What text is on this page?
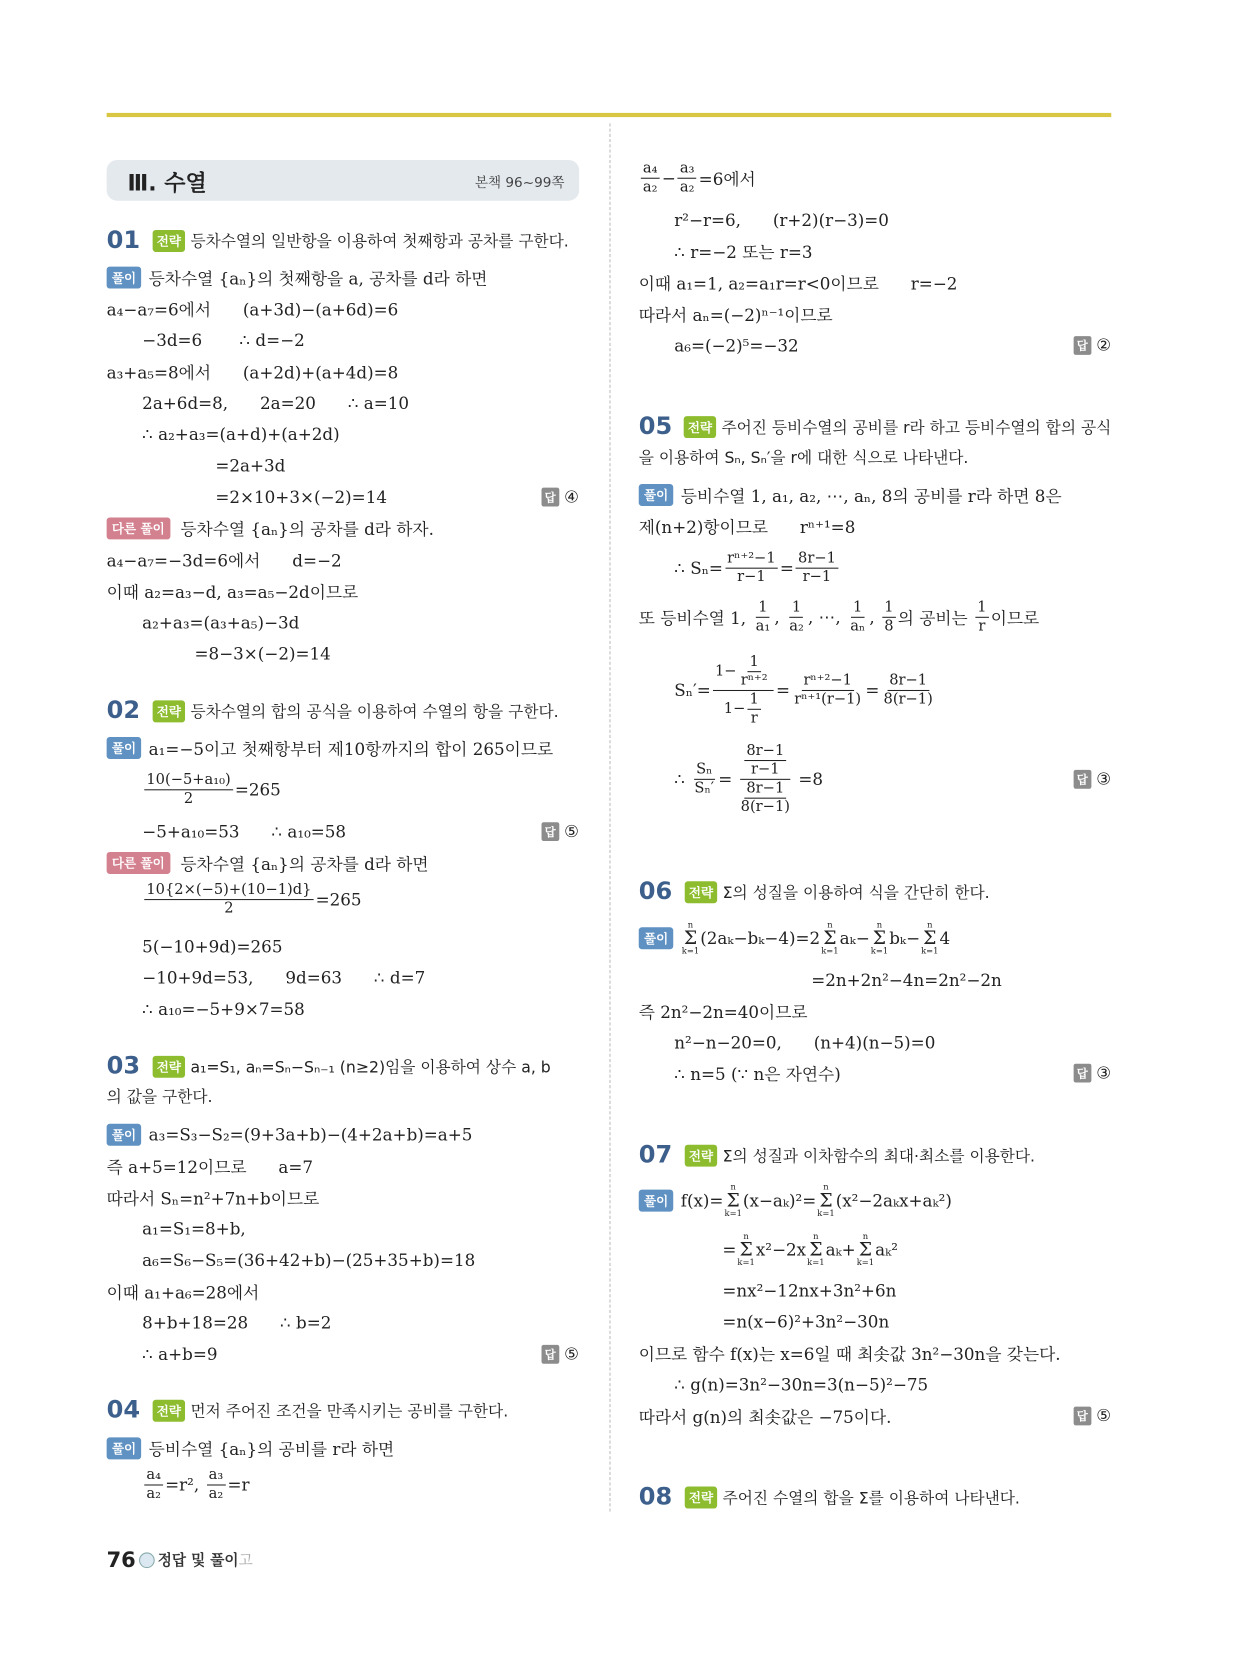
Ⅲ. 수열	본책 96~99쪽
01	전략 등차수열의 일반항을 이용하여 첫째항과 공차를 구한다.
풀이 등차수열 {aₙ}의 첫째항을 a, 공차를 d라 하면
a₄−a₇=6에서      (a+3d)−(a+6d)=6
−3d=6       ∴ d=−2
a₃+a₅=8에서      (a+2d)+(a+4d)=8
2a+6d=8,      2a=20      ∴ a=10
∴ a₂+a₃=(a+d)+(a+2d)
=2a+3d
=2×10+3×(−2)=14	답 ④
다른 풀이 등차수열 {aₙ}의 공차를 d라 하자.
a₄−a₇=−3d=6에서      d=−2
이때 a₂=a₃−d, a₃=a₅−2d이므로
a₂+a₃=(a₃+a₅)−3d
=8−3×(−2)=14
02	전략 등차수열의 합의 공식을 이용하여 수열의 항을 구한다.
풀이 a₁=−5이고 첫째항부터 제10항까지의 합이 265이므로
$\frac{\text{10(−5+a₁₀)}}{2} =265$
−5+a₁₀=53      ∴ a₁₀=58	답 ⑤
다른 풀이 등차수열 {aₙ}의 공차를 d라 하면
$\frac{10\{2\times(-5)+(10-1)d\}}{2} =265$
5(−10+9d)=265
−10+9d=53,      9d=63      ∴ d=7
∴ a₁₀=−5+9×7=58
03	전략 a₁=S₁, aₙ=Sₙ−Sₙ₋₁ (n≥2)임을 이용하여 상수 a, b
의 값을 구한다.
풀이 a₃=S₃−S₂=(9+3a+b)−(4+2a+b)=a+5
즉 a+5=12이므로      a=7
따라서 Sₙ=n²+7n+b이므로
a₁=S₁=8+b,
a₆=S₆−S₅=(36+42+b)−(25+35+b)=18
이때 a₁+a₆=28에서
8+b+18=28      ∴ b=2
∴ a+b=9	답 ⑤
04	전략 먼저 주어진 조건을 만족시키는 공비를 구한다.
풀이 등비수열 {aₙ}의 공비를 r라 하면
$\frac{\text{a₄}}{\text{a₂}} =r^2$, $\frac{\text{a₃}}{\text{a₂}} =r$
$\frac{\text{a₄}}{\text{a₂}} - \frac{\text{a₃}}{\text{a₂}} =6$에서
r²−r=6,      (r+2)(r−3)=0
∴ r=−2 또는 r=3
이때 a₁=1, a₂=a₁r=r<0이므로      r=−2
따라서 aₙ=(−2)ⁿ⁻¹이므로
a₆=(−2)⁵=−32	답 ②
05	전략 주어진 등비수열의 공비를 r라 하고 등비수열의 합의 공식
을 이용하여 Sₙ, Sₙ′을 r에 대한 식으로 나타낸다.
풀이 등비수열 1, a₁, a₂, ⋯, aₙ, 8의 공비를 r라 하면 8은
제(n+2)항이므로      rⁿ⁺¹=8
∴ $S_n= \frac{\text{rⁿ⁺²−1}}{r-1} = \frac{8r-1}{r-1}$
또 등비수열 1, $\frac{1}{\text{a₁}}$ , $\frac{1}{\text{a₂}}$ , ⋯, $\frac{1}{\text{aₙ}}$ , $\frac{1}{8}$ 의 공비는 $\frac{1}{r}$ 이므로
$S_n'= \frac{1- \frac{1}{\text{rⁿ⁺²}}}{1- \frac{1}{r}} = \frac{\text{rⁿ⁺²−1}}{\text{rⁿ⁺¹(r−1)}} = \frac{8r-1}{8(r-1)}$
∴ $\frac{\text{Sₙ}}{\text{Sₙ′}} = \frac{\frac{8r-1}{r-1}}{\frac{8r-1}{8(r-1)}} =8$	답 ③
06	전략 Σ의 성질을 이용하여 식을 간단히 한다.
풀이
n
Σ
k=1
(2aₖ−bₖ−4)=2
n
Σ
k=1
aₖ−
n
Σ
k=1
bₖ−
n
Σ
k=1
4
=2n+2n²−4n=2n²−2n
즉 2n²−2n=40이므로
n²−n−20=0,      (n+4)(n−5)=0
∴ n=5 (∵ n은 자연수)	답 ③
07	전략 Σ의 성질과 이차함수의 최대·최소를 이용한다.
풀이 f(x)=
n
Σ
k=1
(x−aₖ)²=
n
Σ
k=1
(x²−2aₖx+aₖ²)
=
n
Σ
k=1
x²−2x
n
Σ
k=1
aₖ+
n
Σ
k=1
aₖ²
=nx²−12nx+3n²+6n
=n(x−6)²+3n²−30n
이므로 함수 f(x)는 x=6일 때 최솟값 3n²−30n을 갖는다.
∴ g(n)=3n²−30n=3(n−5)²−75
따라서 g(n)의 최솟값은 −75이다.	답 ⑤
08	전략 주어진 수열의 합을 Σ를 이용하여 나타낸다.
76 정답 및 풀이 고
